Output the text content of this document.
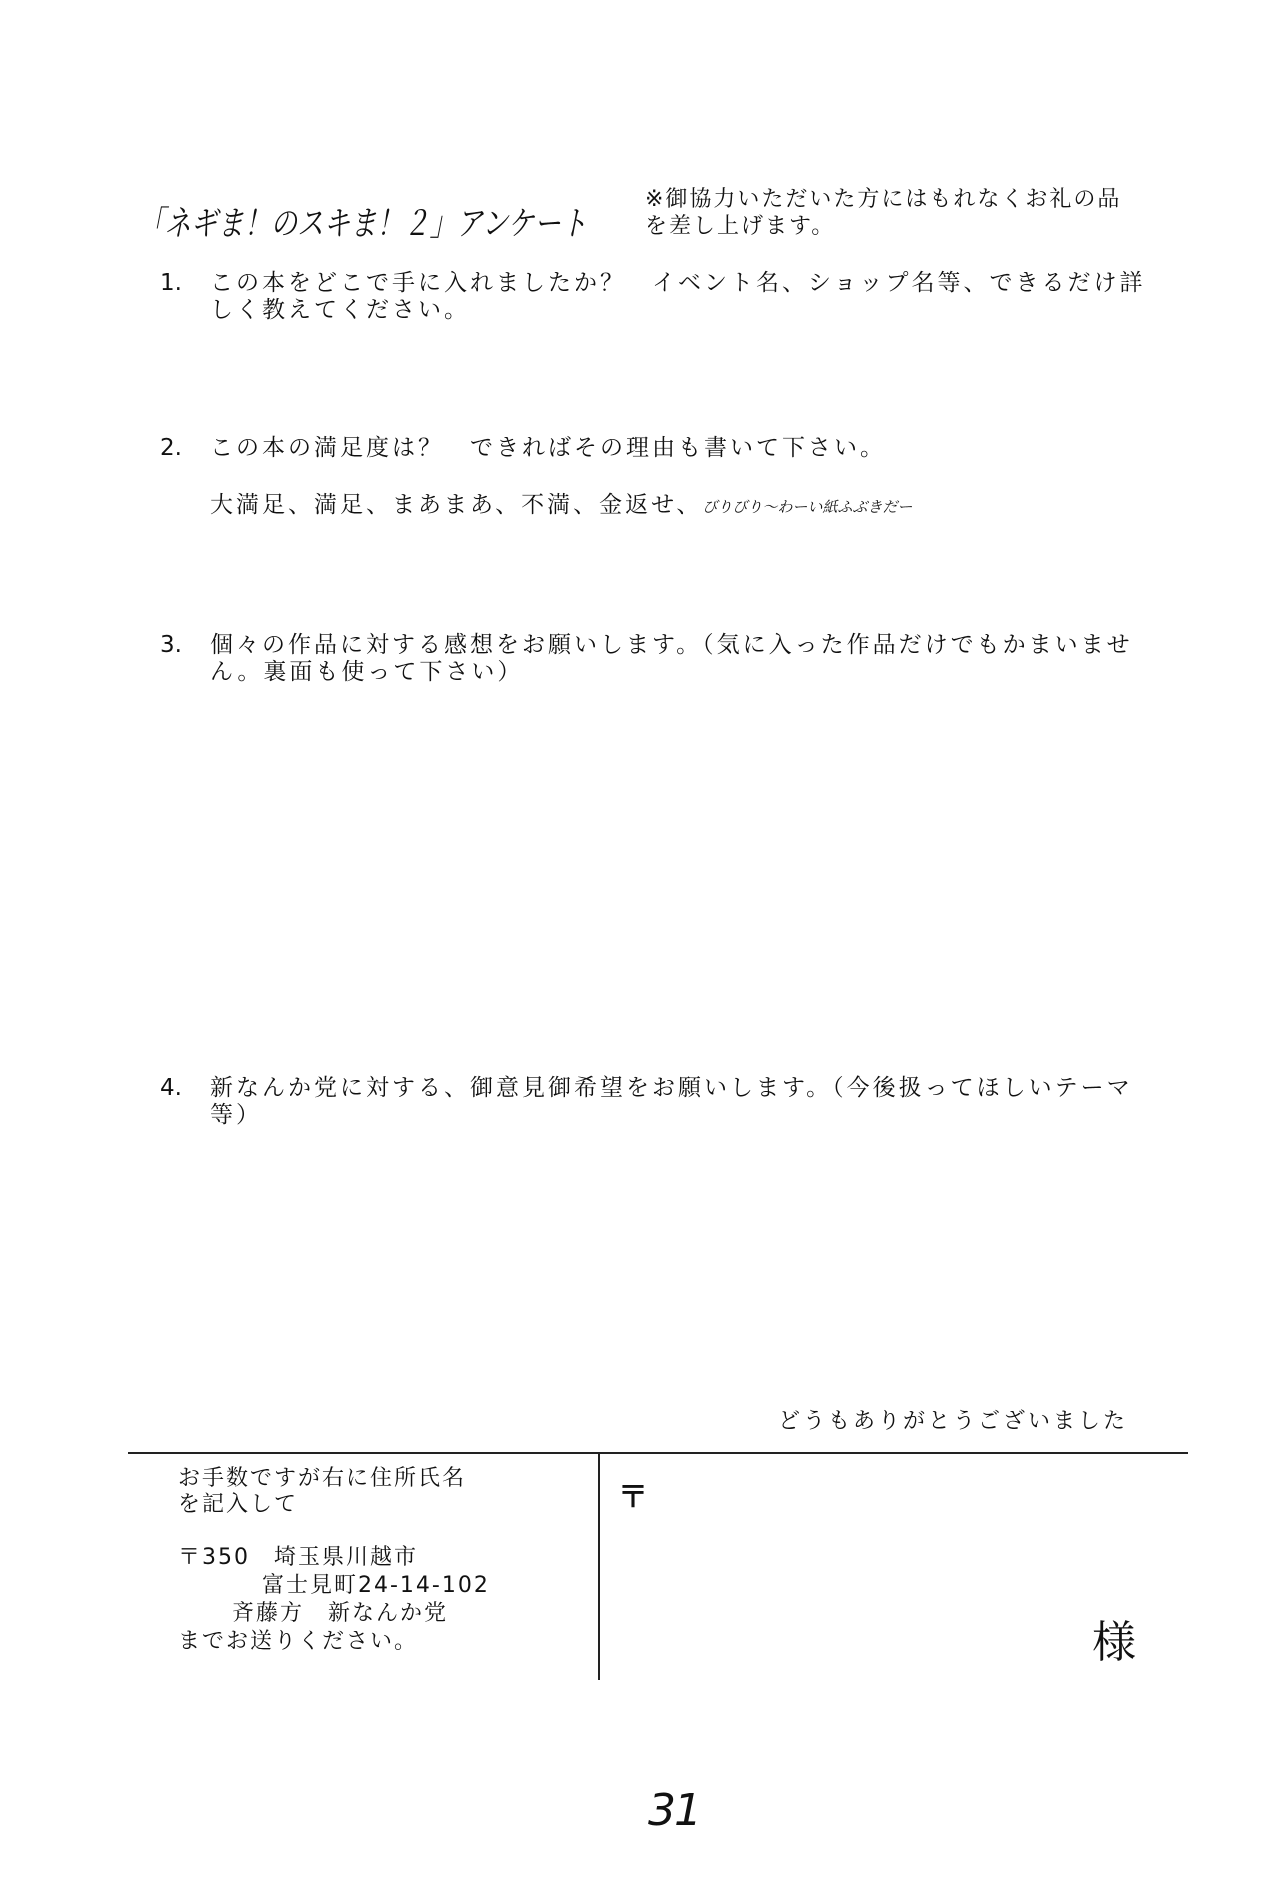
「ネギま！のスキま！２」アンケート
※御協力いただいた方にはもれなくお礼の品
を差し上げます。
1. この本をどこで手に入れましたか？　イベント名、ショップ名等、できるだけ詳
しく教えてください。
2. この本の満足度は？　できればその理由も書いて下さい。
大満足、満足、まあまあ、不満、金返せ、びりびり～わーい紙ふぶきだー
3. 個々の作品に対する感想をお願いします。（気に入った作品だけでもかまいませ
ん。裏面も使って下さい）
4. 新なんか党に対する、御意見御希望をお願いします。（今後扱ってほしいテーマ
等）
どうもありがとうございました
お手数ですが右に住所氏名
を記入して
〒350　埼玉県川越市
富士見町24-14-102
斉藤方　新なんか党
までお送りください。
〒
様
31
